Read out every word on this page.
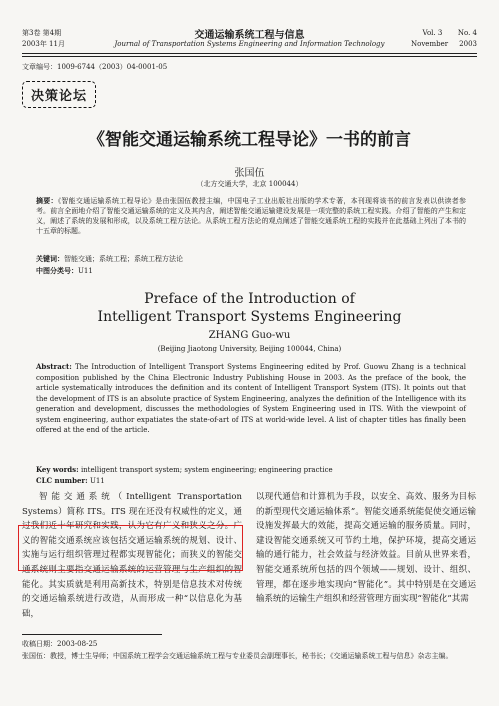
第3卷 第4期
2003年 11月
交通运输系统工程与信息
Journal of Transportation Systems Engineering and Information Technology
Vol. 3       No. 4
November     2003
文章编号：1009-6744（2003）04-0001-05
决策论坛
《智能交通运输系统工程导论》一书的前言
张国伍
（北方交通大学，北京 100044）
摘要：《智能交通运输系统工程导论》是由张国伍教授主编，中国电子工业出版社出版的学术专著，本刊现将该书的前言发表以供读者参考。前言全面地介绍了智能交通运输系统的定义及其内含，阐述智能交通运输建设发展是一项完整的系统工程实践。介绍了智能的产生和定义，阐述了系统的发展和形成，以及系统工程方法论。从系统工程方法论的观点阐述了智能交通系统工程的实践并在此基础上列出了本书的十五章的标题。
关键词：智能交通；系统工程；系统工程方法论
中图分类号：U11
Preface of the Introduction of
Intelligent Transport Systems Engineering
ZHANG Guo-wu
(Beijing Jiaotong University, Beijing 100044, China)
Abstract: The Introduction of Intelligent Transport Systems Engineering edited by Prof. Guowu Zhang is a technical composition published by the China Electronic Industry Publishing House in 2003. As the preface of the book, the article systematically introduces the definition and its content of Intelligent Transport System (ITS). It points out that the development of ITS is an absolute practice of System Engineering, analyzes the definition of the Intelligence with its generation and development, discusses the methodologies of System Engineering used in ITS. With the viewpoint of system engineering, author expatiates the state-of-art of ITS at world-wide level. A list of chapter titles has finally been offered at the end of the article.
Key words: intelligent transport system; system engineering; engineering practice
CLC number: U11

智能交通系统（Intelligent Transportation Systems）简称 ITS。ITS 现在还没有权威性的定义，通过我们近十年研究和实践，认为它有广义和狭义之分。广义的智能交通系统应该包括交通运输系统的规划、设计、实施与运行组织管理过程都实现智能化；而狭义的智能交通系统则主要指交通运输系统的运营管理与生产组织的智能化。其实质就是利用高新技术，特别是信息技术对传统的交通运输系统进行改造，从而形成一种“以信息化为基础，

以现代通信和计算机为手段，以安全、高效、服务为目标的新型现代交通运输体系”。智能交通系统能促使交通运输设施发挥最大的效能，提高交通运输的服务质量。同时，建设智能交通系统又可节约土地，保护环境，提高交通运输的通行能力，社会效益与经济效益。目前从世界来看，智能交通系统所包括的四个领域——规划、设计、组织、管理，都在逐步地实现向“智能化”。其中特别是在交通运输系统的运输生产组织和经营管理方面实现“智能化”其需

收稿日期：2003-08-25
张国伍：教授，博士生导师；中国系统工程学会交通运输系统工程与专业委员会副理事长，秘书长；《交通运输系统工程与信息》杂志主编。
